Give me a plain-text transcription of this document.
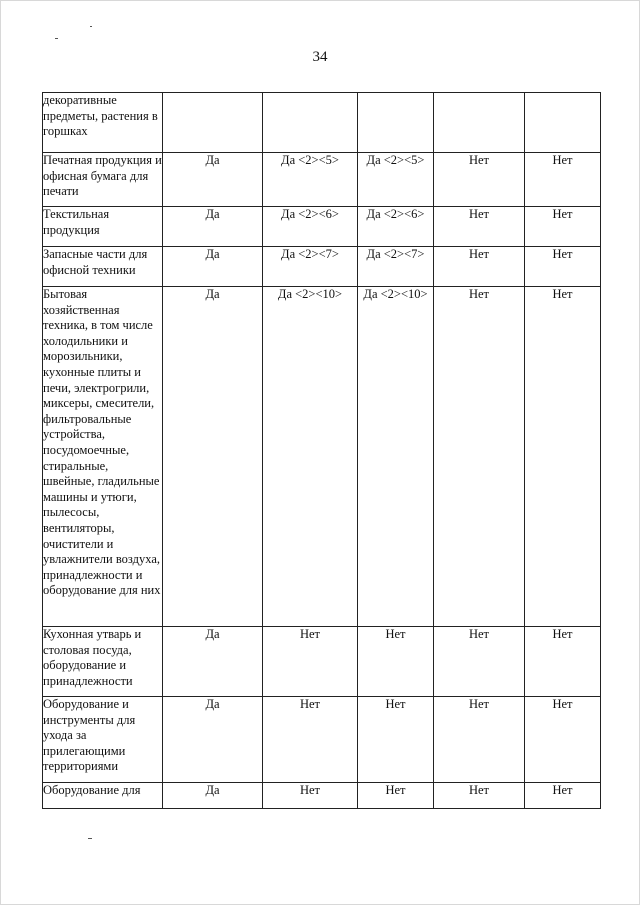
34
декоративные предметы, растения в горшках					
Печатная продукция и офисная бумага для печати	Да	Да <2><5>	Да <2><5>	Нет	Нет
Текстильная продукция	Да	Да <2><6>	Да <2><6>	Нет	Нет
Запасные части для офисной техники	Да	Да <2><7>	Да <2><7>	Нет	Нет
Бытовая хозяйственная техника, в том числе холодильники и морозильники, кухонные плиты и печи, электрогрили, миксеры, смесители, фильтровальные устройства, посудомоечные, стиральные, швейные, гладильные машины и утюги, пылесосы, вентиляторы, очистители и увлажнители воздуха, принадлежности и оборудование для них	Да	Да <2><10>	Да <2><10>	Нет	Нет
Кухонная утварь и столовая посуда, оборудование и принадлежности	Да	Нет	Нет	Нет	Нет
Оборудование и инструменты для ухода за прилегающими территориями	Да	Нет	Нет	Нет	Нет
Оборудование для	Да	Нет	Нет	Нет	Нет
